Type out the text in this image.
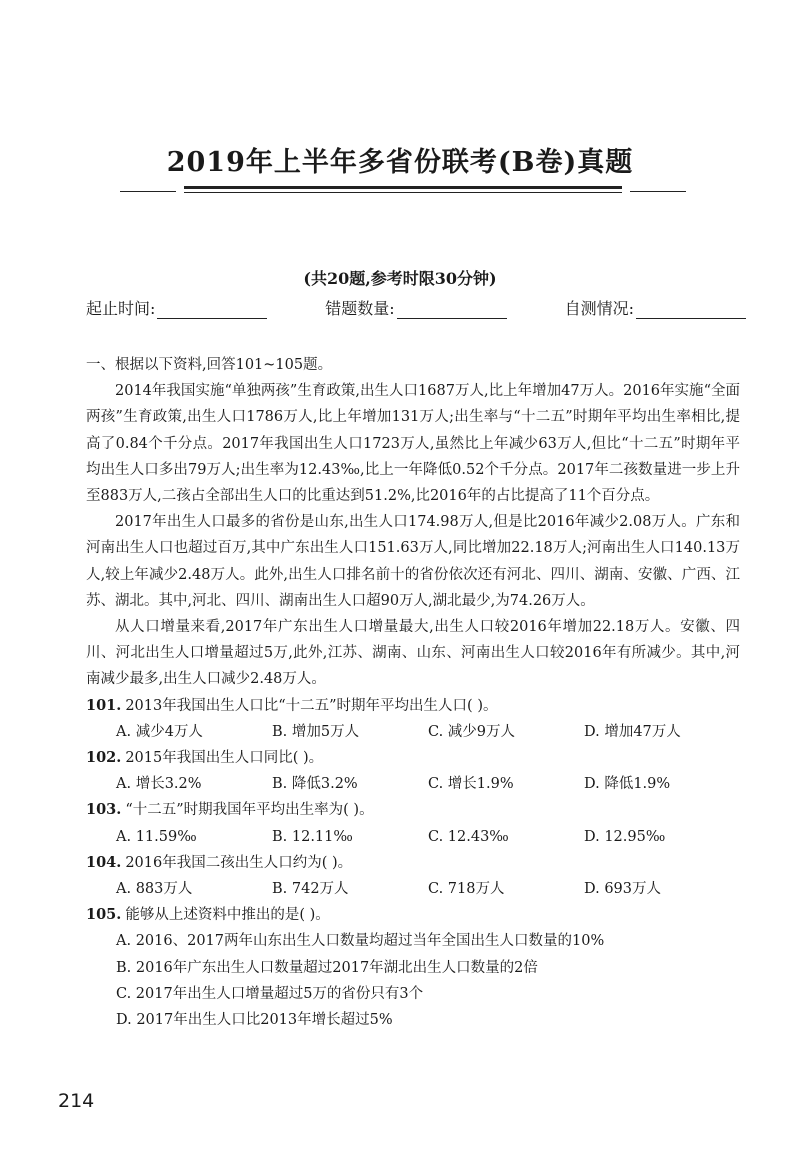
2019年上半年多省份联考(B卷)真题
(共20题,参考时限30分钟)
起止时间:	错题数量:	自测情况:

一、根据以下资料,回答101~105题。

2014年我国实施“单独两孩”生育政策,出生人口1687万人,比上年增加47万人。2016年实施“全面两孩”生育政策,出生人口1786万人,比上年增加131万人;出生率与“十二五”时期年平均出生率相比,提高了0.84个千分点。2017年我国出生人口1723万人,虽然比上年减少63万人,但比“十二五”时期年平均出生人口多出79万人;出生率为12.43‰,比上一年降低0.52个千分点。2017年二孩数量进一步上升至883万人,二孩占全部出生人口的比重达到51.2%,比2016年的占比提高了11个百分点。

2017年出生人口最多的省份是山东,出生人口174.98万人,但是比2016年减少2.08万人。广东和河南出生人口也超过百万,其中广东出生人口151.63万人,同比增加22.18万人;河南出生人口140.13万人,较上年减少2.48万人。此外,出生人口排名前十的省份依次还有河北、四川、湖南、安徽、广西、江苏、湖北。其中,河北、四川、湖南出生人口超90万人,湖北最少,为74.26万人。

从人口增量来看,2017年广东出生人口增量最大,出生人口较2016年增加22.18万人。安徽、四川、河北出生人口增量超过5万,此外,江苏、湖南、山东、河南出生人口较2016年有所减少。其中,河南减少最多,出生人口减少2.48万人。

101. 2013年我国出生人口比“十二五”时期年平均出生人口( )。

A. 减少4万人	B. 增加5万人	C. 减少9万人	D. 增加47万人

102. 2015年我国出生人口同比( )。

A. 增长3.2%	B. 降低3.2%	C. 增长1.9%	D. 降低1.9%

103. “十二五”时期我国年平均出生率为( )。

A. 11.59‰	B. 12.11‰	C. 12.43‰	D. 12.95‰

104. 2016年我国二孩出生人口约为( )。

A. 883万人	B. 742万人	C. 718万人	D. 693万人

105. 能够从上述资料中推出的是( )。

A. 2016、2017两年山东出生人口数量均超过当年全国出生人口数量的10%

B. 2016年广东出生人口数量超过2017年湖北出生人口数量的2倍

C. 2017年出生人口增量超过5万的省份只有3个

D. 2017年出生人口比2013年增长超过5%

214
